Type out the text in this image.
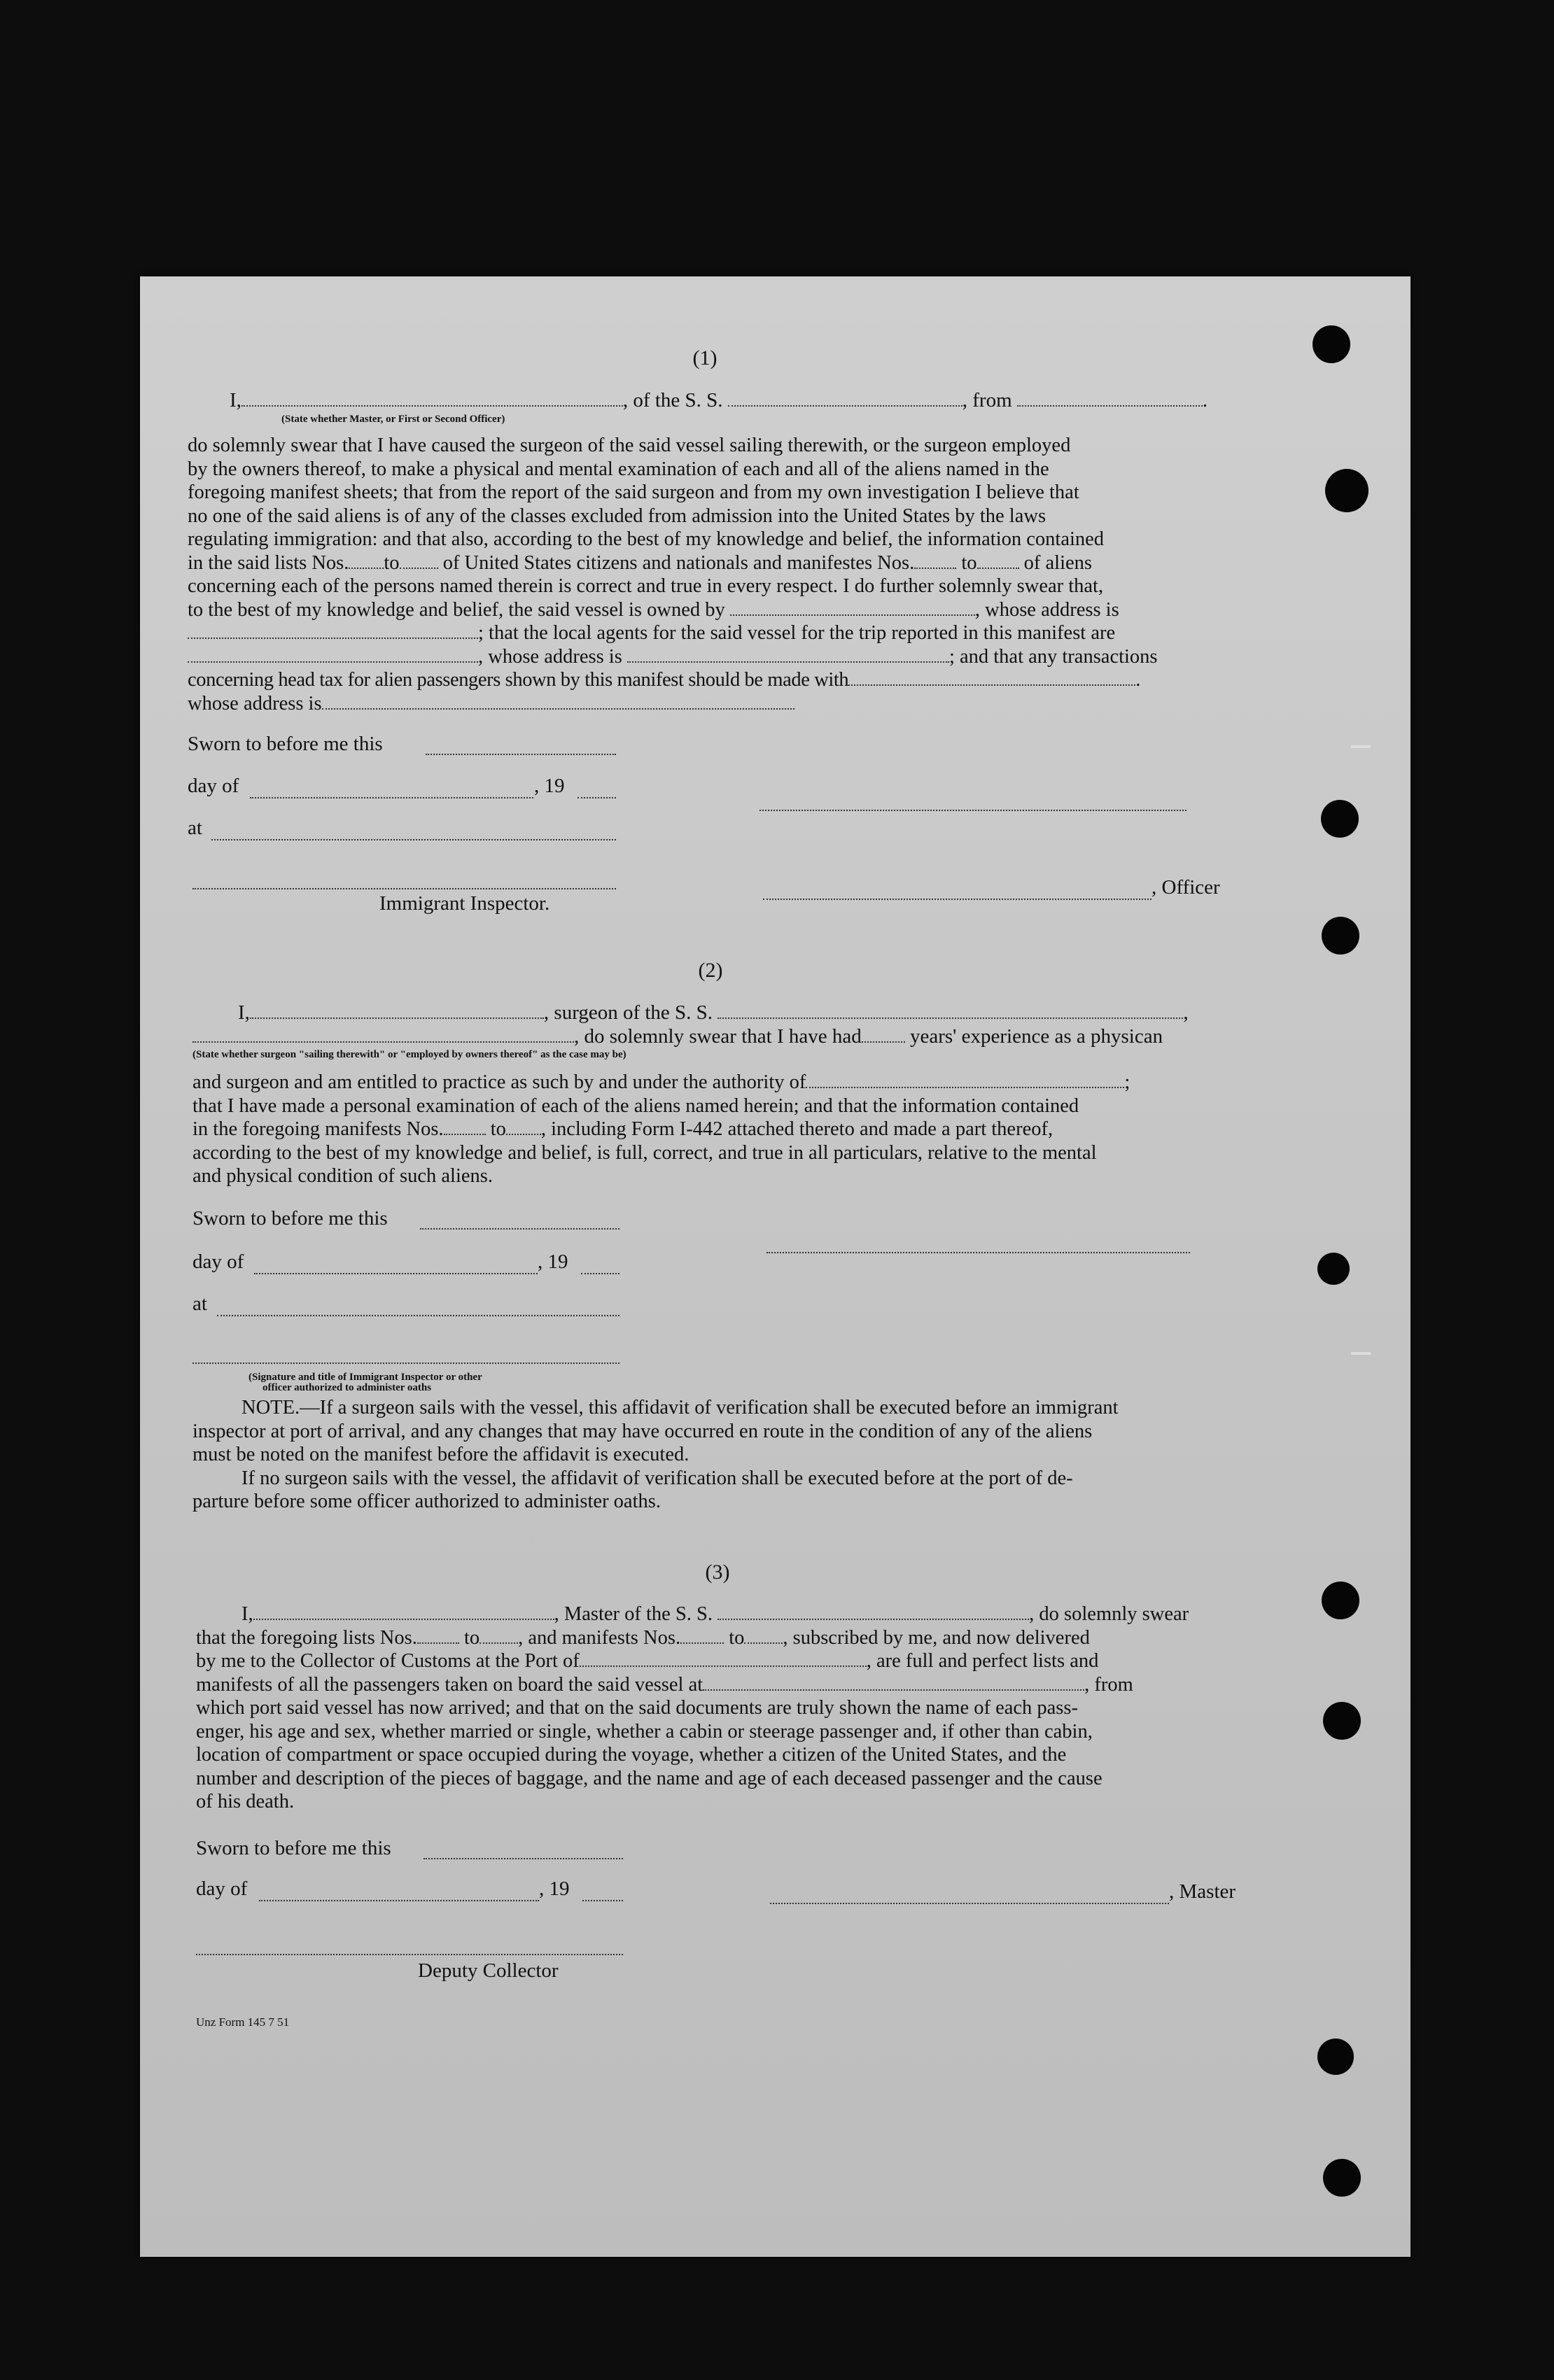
(1)
I,	, of the S. S.	, from	.
(State whether Master, or First or Second Officer)
do solemnly swear that I have caused the surgeon of the said vessel sailing therewith, or the surgeon employed
by the owners thereof, to make a physical and mental examination of each and all of the aliens named in the
foregoing manifest sheets; that from the report of the said surgeon and from my own investigation I believe that
no one of the said aliens is of any of the classes excluded from admission into the United States by the laws
regulating immigration: and that also, according to the best of my knowledge and belief, the information contained
in the said lists Nos. to of United States citizens and nationals and manifestes Nos. to of aliens
concerning each of the persons named therein is correct and true in every respect. I do further solemnly swear that,
to the best of my knowledge and belief, the said vessel is owned by	, whose address is
; that the local agents for the said vessel for the trip reported in this manifest are
, whose address is	; and that any transactions
concerning head tax for alien passengers shown by this manifest should be made with	.
whose address is
Sworn to before me this
day of	, 19
at
, Officer
Immigrant Inspector.
(2)
I,	, surgeon of the S. S.	,
, do solemnly swear that I have had years' experience as a physican
(State whether surgeon "sailing therewith" or "employed by owners thereof" as the case may be)
and surgeon and am entitled to practice as such by and under the authority of	;
that I have made a personal examination of each of the aliens named herein; and that the information contained
in the foregoing manifests Nos. to , including Form I-442 attached thereto and made a part thereof,
according to the best of my knowledge and belief, is full, correct, and true in all particulars, relative to the mental
and physical condition of such aliens.
Sworn to before me this
day of	, 19
at
(Signature and title of Immigrant Inspector or other
officer authorized to administer oaths
NOTE.—If a surgeon sails with the vessel, this affidavit of verification shall be executed before an immigrant
inspector at port of arrival, and any changes that may have occurred en route in the condition of any of the aliens
must be noted on the manifest before the affidavit is executed.
If no surgeon sails with the vessel, the affidavit of verification shall be executed before at the port of de-
parture before some officer authorized to administer oaths.
(3)
I,	, Master of the S. S.	, do solemnly swear
that the foregoing lists Nos. to , and manifests Nos. to , subscribed by me, and now delivered
by me to the Collector of Customs at the Port of	, are full and perfect lists and
manifests of all the passengers taken on board the said vessel at	, from
which port said vessel has now arrived; and that on the said documents are truly shown the name of each pass-
enger, his age and sex, whether married or single, whether a cabin or steerage passenger and, if other than cabin,
location of compartment or space occupied during the voyage, whether a citizen of the United States, and the
number and description of the pieces of baggage, and the name and age of each deceased passenger and the cause
of his death.
Sworn to before me this
day of	, 19	, Master
Deputy Collector
Unz Form 145 7 51
